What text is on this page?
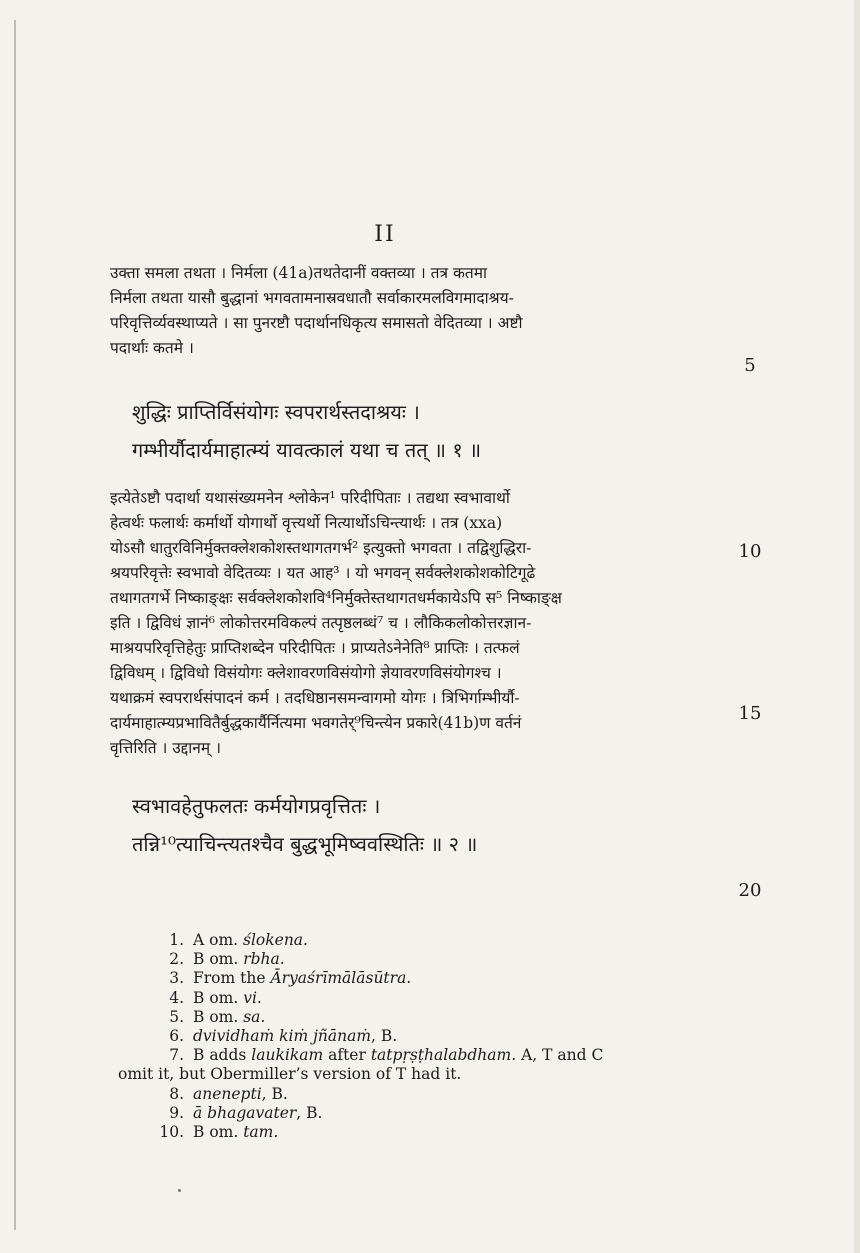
II
उक्ता समला तथता । निर्मला (41a)तथतेदानीं वक्तव्या । तत्र कतमा
निर्मला तथता यासौ बुद्धानां भगवतामनास्रवधातौ सर्वाकारमलविगमादाश्रय-
परिवृत्तिर्व्यवस्थाप्यते । सा पुनरष्टौ पदार्थानधिकृत्य समासतो वेदितव्या । अष्टौ
पदार्थाः कतमे ।
शुद्धिः प्राप्तिर्विसंयोगः स्वपरार्थस्तदाश्रयः ।
गम्भीर्यौदार्यमाहात्म्यं यावत्कालं यथा च तत् ॥ १ ॥
इत्येतेऽष्टौ पदार्था यथासंख्यमनेन श्लोकेन¹ परिदीपिताः । तद्यथा स्वभावार्थो
हेत्वर्थः फलार्थः कर्मार्थो योगार्थो वृत्त्यर्थो नित्यार्थोऽचिन्त्यार्थः । तत्र (xxa)
योऽसौ धातुरविनिर्मुक्तक्लेशकोशस्तथागतगर्भ² इत्युक्तो भगवता । तद्विशुद्धिरा-
श्रयपरिवृत्तेः स्वभावो वेदितव्यः । यत आह³ । यो भगवन् सर्वक्लेशकोशकोटिगूढे
तथागतगर्भे निष्काङ्क्षः सर्वक्लेशकोशवि⁴निर्मुक्तेस्तथागतधर्मकायेऽपि स⁵ निष्काङ्क्ष
इति । द्विविधं ज्ञानं⁶ लोकोत्तरमविकल्पं तत्पृष्ठलब्धं⁷ च । लौकिकलोकोत्तरज्ञान-
माश्रयपरिवृत्तिहेतुः प्राप्तिशब्देन परिदीपितः । प्राप्यतेऽनेनेति⁸ प्राप्तिः । तत्फलं
द्विविधम् । द्विविधो विसंयोगः क्लेशावरणविसंयोगो ज्ञेयावरणविसंयोगश्च ।
यथाक्रमं स्वपरार्थसंपादनं कर्म । तदधिष्ठानसमन्वागमो योगः । त्रिभिर्गाम्भीर्यौ-
दार्यमाहात्म्यप्रभावितैर्बुद्धकार्यैर्नित्यमा भवगतेर्⁹चिन्त्येन प्रकारे(41b)ण वर्तनं
वृत्तिरिति । उद्दानम् ।
स्वभावहेतुफलतः कर्मयोगप्रवृत्तितः ।
तन्नि¹⁰त्याचिन्त्यतश्चैव बुद्धभूमिष्ववस्थितिः ॥ २ ॥
5
10
15
20
1. A om. ślokena.
2. B om. rbha.
3. From the Āryaśrīmālāsūtra.
4. B om. vi.
5. B om. sa.
6. dvividhaṁ kiṁ jñānaṁ, B.
7. B adds laukikam after tatpṛṣṭhalabdham. A, T and C
omit it, but Obermiller’s version of T had it.
8. anenepti, B.
9. ā bhagavater, B.
10. B om. tam.
